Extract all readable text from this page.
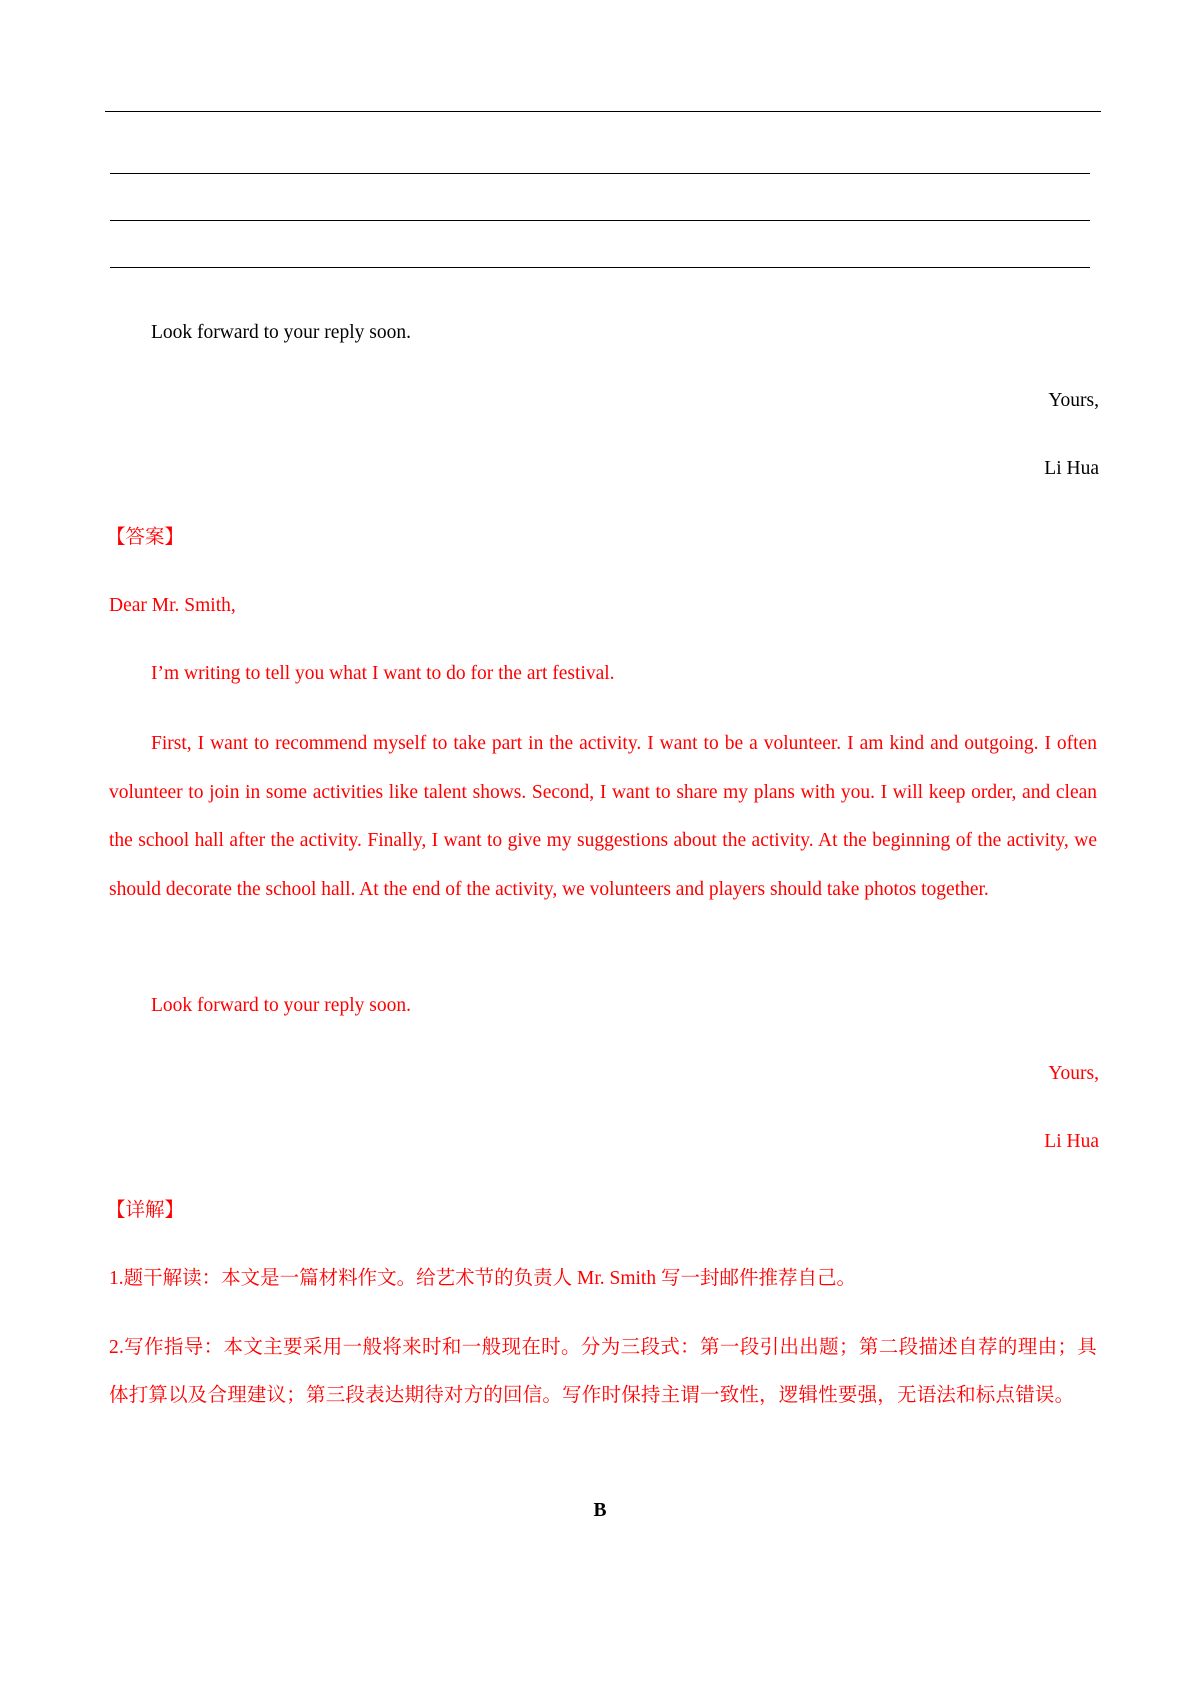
Look forward to your reply soon.
Yours,
Li Hua
【答案】
Dear Mr. Smith,
I’m writing to tell you what I want to do for the art festival.
First, I want to recommend myself to take part in the activity. I want to be a volunteer. I am kind and outgoing. I often volunteer to join in some activities like talent shows. Second, I want to share my plans with you. I will keep order, and clean the school hall after the activity. Finally, I want to give my suggestions about the activity. At the beginning of the activity, we should decorate the school hall. At the end of the activity, we volunteers and players should take photos together.
Look forward to your reply soon.
Yours,
Li Hua
【详解】
1.题干解读：本文是一篇材料作文。给艺术节的负责人 Mr. Smith 写一封邮件推荐自己。
2.写作指导：本文主要采用一般将来时和一般现在时。分为三段式：第一段引出出题；第二段描述自荐的理由；具体打算以及合理建议；第三段表达期待对方的回信。写作时保持主谓一致性，逻辑性要强，无语法和标点错误。
B
